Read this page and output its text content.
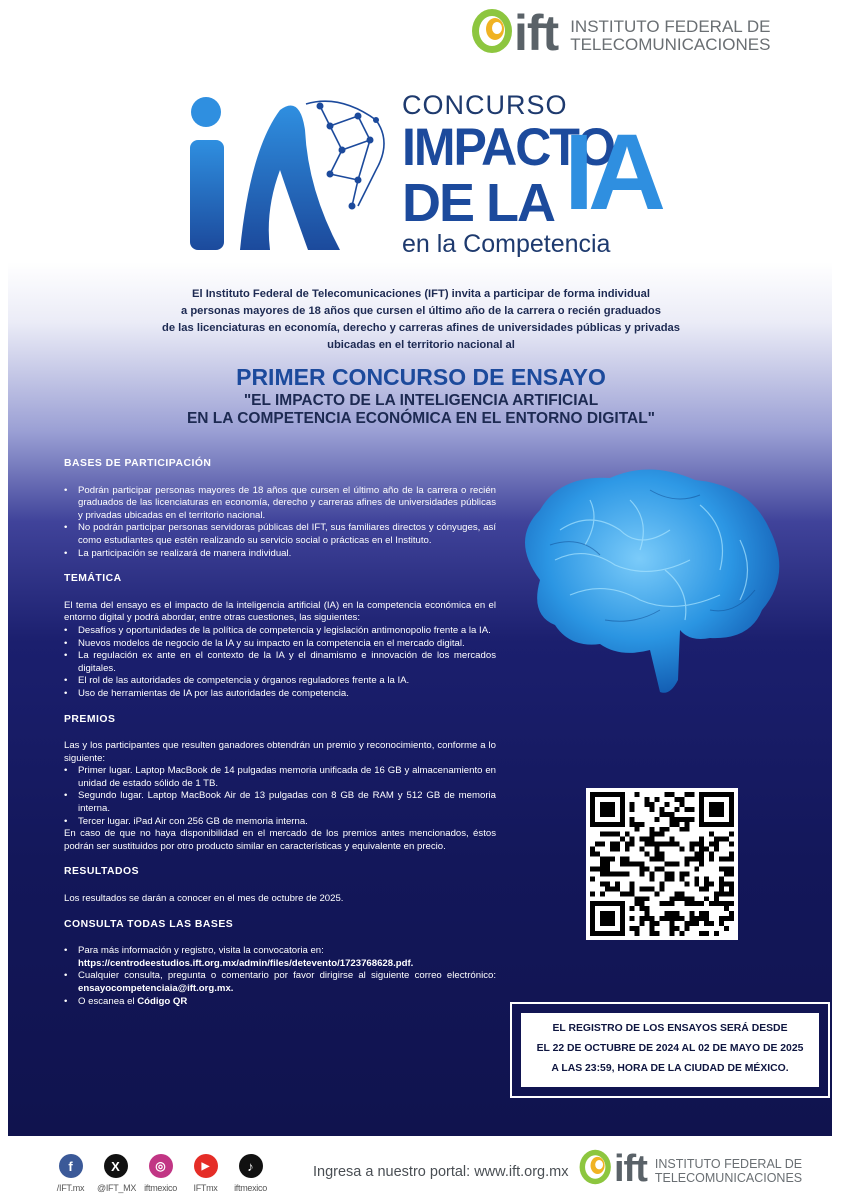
ift INSTITUTO FEDERAL DE
TELECOMUNICACIONES
CONCURSO
IMPACTO
DE LA IA
en la Competencia
El Instituto Federal de Telecomunicaciones (IFT) invita a participar de forma individual
a personas mayores de 18 años que cursen el último año de la carrera o recién graduados
de las licenciaturas en economía, derecho y carreras afines de universidades públicas y privadas
ubicadas en el territorio nacional al
PRIMER CONCURSO DE ENSAYO
"EL IMPACTO DE LA INTELIGENCIA ARTIFICIAL
EN LA COMPETENCIA ECONÓMICA EN EL ENTORNO DIGITAL"
BASES DE PARTICIPACIÓN
• Podrán participar personas mayores de 18 años que cursen el último año de la carrera o recién graduados de las licenciaturas en economía, derecho y carreras afines de universidades públicas y privadas ubicadas en el territorio nacional.
• No podrán participar personas servidoras públicas del IFT, sus familiares directos y cónyuges, así como estudiantes que estén realizando su servicio social o prácticas en el Instituto.
• La participación se realizará de manera individual.
TEMÁTICA

El tema del ensayo es el impacto de la inteligencia artificial (IA) en la competencia económica en el entorno digital y podrá abordar, entre otras cuestiones, las siguientes:

• Desafíos y oportunidades de la política de competencia y legislación antimonopolio frente a la IA.
• Nuevos modelos de negocio de la IA y su impacto en la competencia en el mercado digital.
• La regulación ex ante en el contexto de la IA y el dinamismo e innovación de los mercados digitales.
• El rol de las autoridades de competencia y órganos reguladores frente a la IA.
• Uso de herramientas de IA por las autoridades de competencia.
PREMIOS

Las y los participantes que resulten ganadores obtendrán un premio y reconocimiento, conforme a lo siguiente:

• Primer lugar. Laptop MacBook de 14 pulgadas memoria unificada de 16 GB y almacenamiento en unidad de estado sólido de 1 TB.
• Segundo lugar. Laptop MacBook Air de 13 pulgadas con 8 GB de RAM y 512 GB de memoria interna.
• Tercer lugar. iPad Air con 256 GB de memoria interna.

En caso de que no haya disponibilidad en el mercado de los premios antes mencionados, éstos podrán ser sustituidos por otro producto similar en características y equivalente en precio.

RESULTADOS

Los resultados se darán a conocer en el mes de octubre de 2025.

CONSULTA TODAS LAS BASES
• Para más información y registro, visita la convocatoria en:
https://centrodeestudios.ift.org.mx/admin/files/detevento/1723768628.pdf.
• Cualquier consulta, pregunta o comentario por favor dirigirse al siguiente correo electrónico: ensayocompetenciaia@ift.org.mx.
• O escanea el Código QR
EL REGISTRO DE LOS ENSAYOS SERÁ DESDE
EL 22 DE OCTUBRE DE 2024 AL 02 DE MAYO DE 2025
A LAS 23:59, HORA DE LA CIUDAD DE MÉXICO.
f
/IFT.mx
X
@IFT_MX
◎
iftmexico
▶
IFTmx
♪
iftmexico
Ingresa a nuestro portal: www.ift.org.mx ift INSTITUTO FEDERAL DE
TELECOMUNICACIONES
